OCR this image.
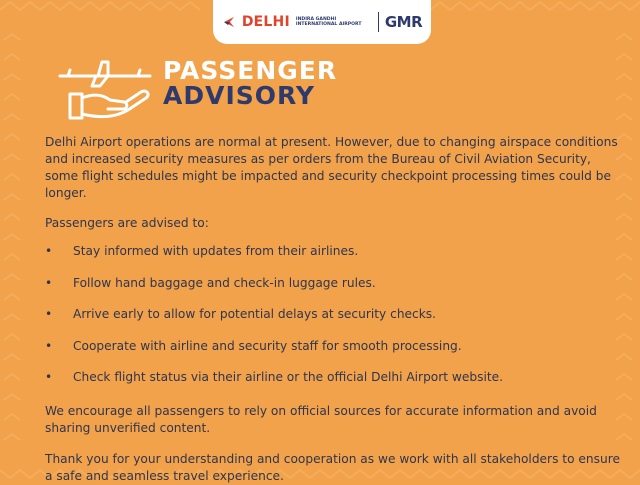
DELHI INDIRA GANDHI
INTERNATIONAL AIRPORT	GMR
PASSENGER
ADVISORY

Delhi Airport operations are normal at present. However, due to changing airspace conditions and increased security measures as per orders from the Bureau of Civil Aviation Security, some flight schedules might be impacted and security checkpoint processing times could be longer.

Passengers are advised to:

•	Stay informed with updates from their airlines.
•	Follow hand baggage and check-in luggage rules.
•	Arrive early to allow for potential delays at security checks.
•	Cooperate with airline and security staff for smooth processing.
•	Check flight status via their airline or the official Delhi Airport website.

We encourage all passengers to rely on official sources for accurate information and avoid sharing unverified content.

Thank you for your understanding and cooperation as we work with all stakeholders to ensure a safe and seamless travel experience.
